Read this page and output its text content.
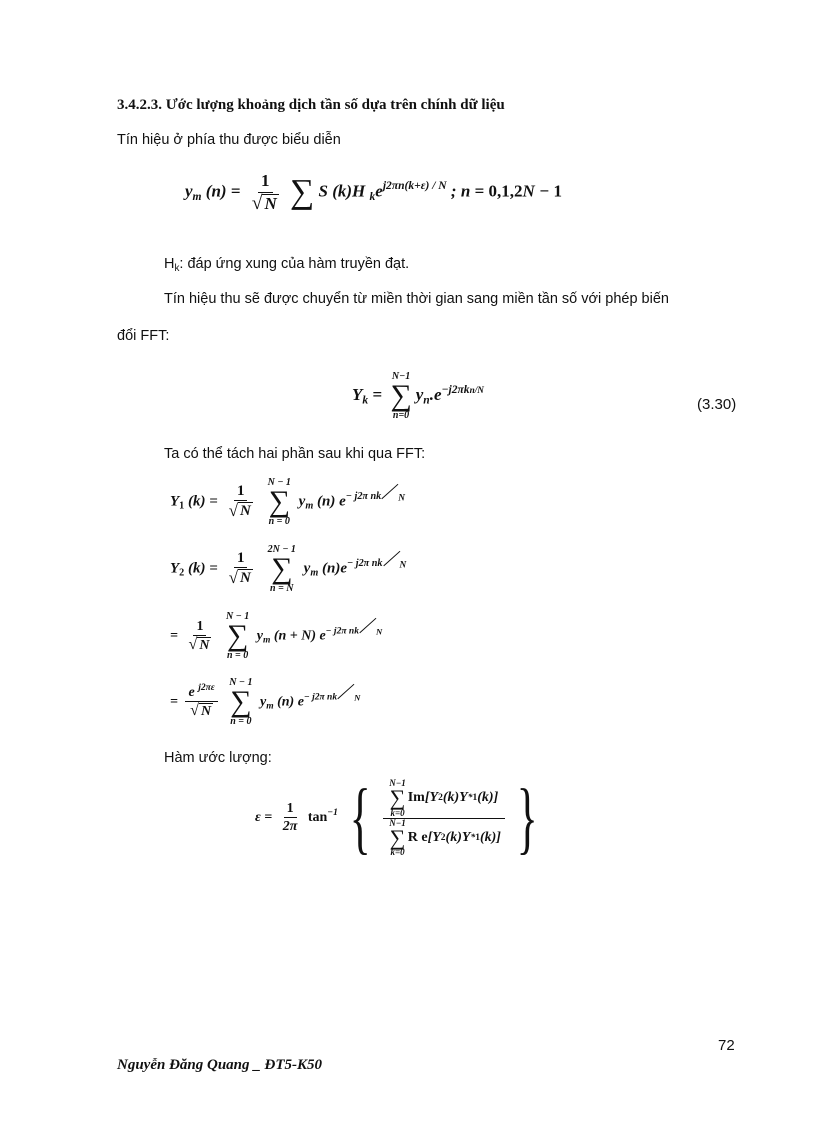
3.4.2.3. Ước lượng khoảng dịch tần số dựa trên chính dữ liệu
Tín hiệu ở phía thu được biểu diễn
$y_m$ $(n) = \frac{1}{√ N}$ ∑ S (k)H $_ke^{j2\pi n(k+\varepsilon) / N}$ ; n = 0,1,2N − 1
$H_k$: đáp ứng xung của hàm truyền đạt.
Tín hiệu thu sẽ được chuyển từ miền thời gian sang miền tần số với phép biến
đổi FFT:
$Y_k$ =
N−1
∑
n=0
$y_n.e^{-j2\pi kn/N}$
(3.30)
Ta có thể tách hai phần sau khi qua FFT:
$Y_1$ $(k) = \frac{1}{√ N}$

N − 1
∑
n = 0
$y_m$ (n) $e^{- j2\pi nk}$ $^N$
$Y_2$ $(k) = \frac{1}{√ N}$

2N − 1
∑
n = N
$y_m$ $(n)e^{- j2\pi nk}$ $^N$
= $\frac{1}{√ N}$

N − 1
∑
n = 0
$y_m$ (n + N) $e^{- j2\pi nk}$ $^N$
= $\frac{e ^{j2\pi\varepsilon}}{√ N}$

N − 1
∑
n = 0
$y_m$ (n) $e^{- j2\pi nk}$ $^N$
Hàm ước lượng:
$\varepsilon = \frac{1}{2\pi} \tan^{-1}$ { N−1
∑
k=0
Im [Y 2 (k)Y * 1 (k)]
N−1
∑
k=0
R e [Y 2 (k)Y * 1 (k)] }
72
Nguyễn Đăng Quang _ ĐT5-K50
